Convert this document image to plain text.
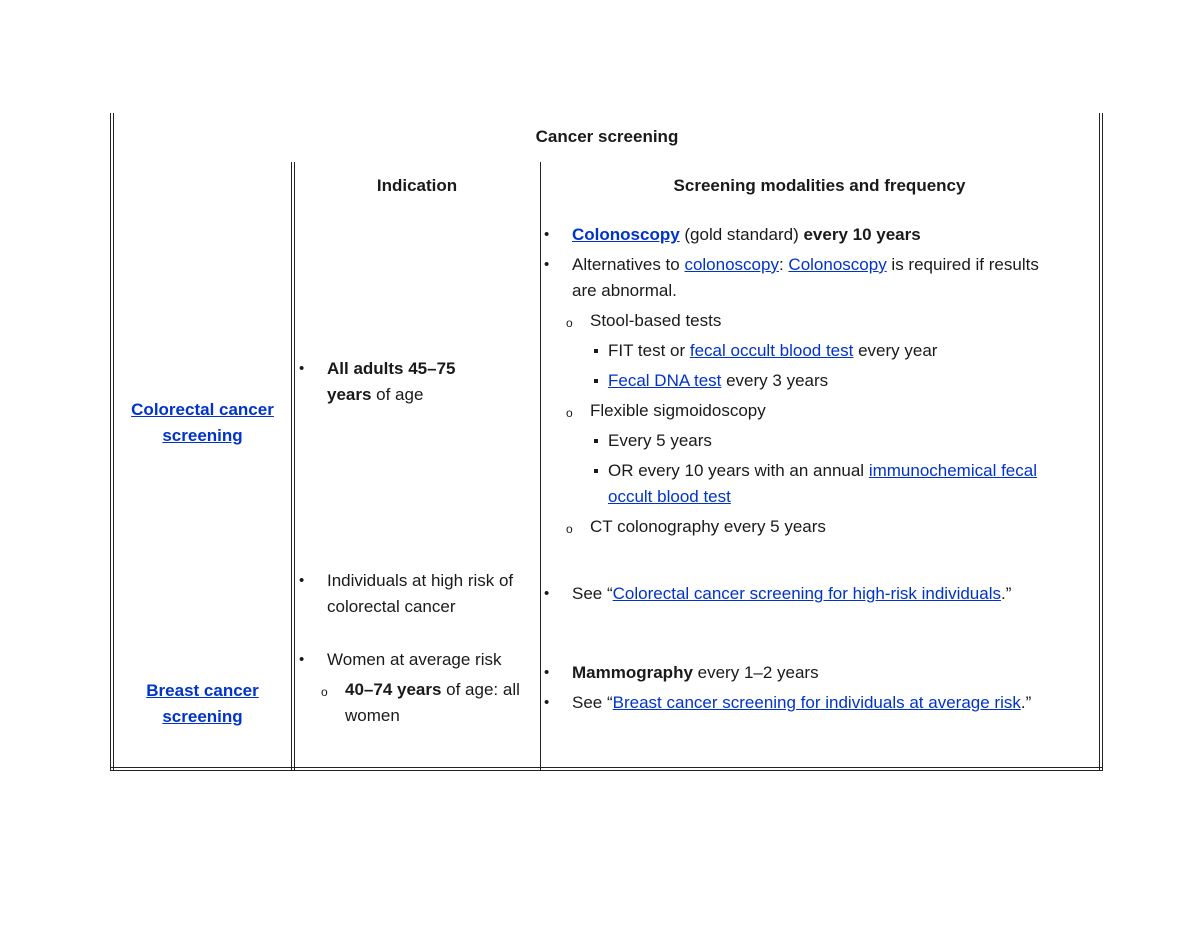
Cancer screening
Indication	Screening modalities and frequency
Colorectal cancer
screening
• All adults 45–75
years of age
• Colonoscopy (gold standard) every 10 years
• Alternatives to colonoscopy: Colonoscopy is required if results are abnormal.
o Stool-based tests
FIT test or fecal occult blood test every year
Fecal DNA test every 3 years
o Flexible sigmoidoscopy
Every 5 years
OR every 10 years with an annual immunochemical fecal occult blood test
o CT colonography every 5 years
• Individuals at high risk of colorectal cancer
• See “Colorectal cancer screening for high-risk individuals.”
Breast cancer
screening
• Women at average risk
o 40–74 years of age: all women
• Mammography every 1–2 years
• See “Breast cancer screening for individuals at average risk.”
